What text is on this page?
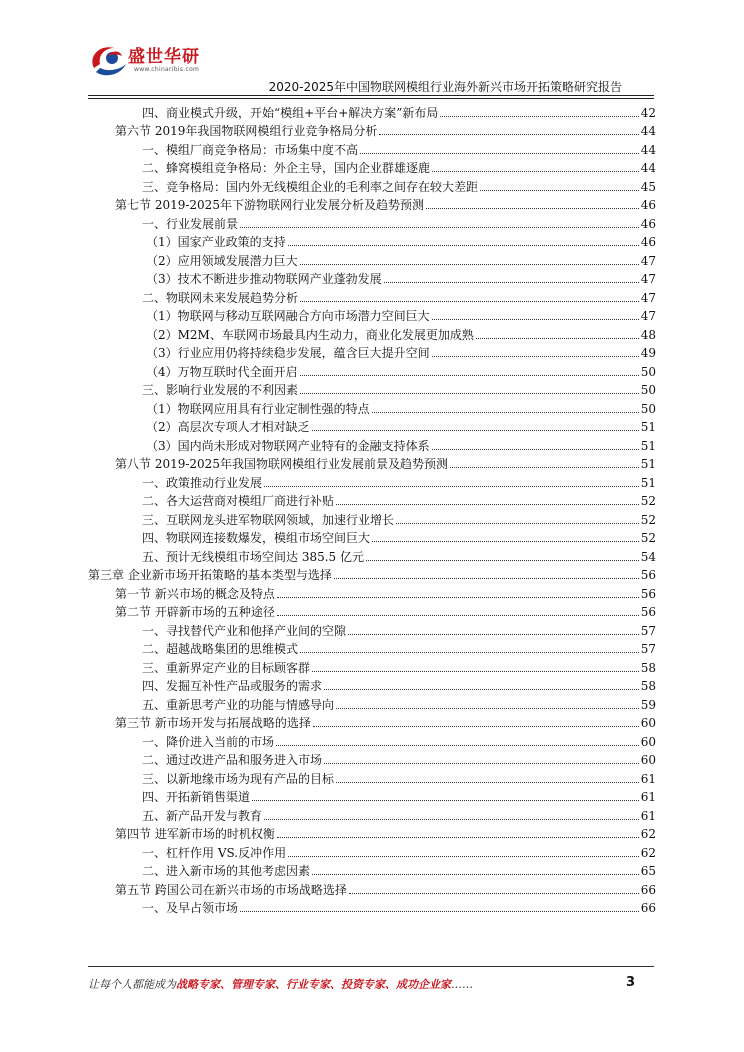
盛世华研
www.chinaribis.com
2020-2025年中国物联网模组行业海外新兴市场开拓策略研究报告
四、商业模式升级，开始“模组+平台+解决方案”新布局	42
第六节 2019年我国物联网模组行业竞争格局分析	44
一、模组厂商竞争格局：市场集中度不高	44
二、蜂窝模组竞争格局：外企主导，国内企业群雄逐鹿	44
三、竞争格局：国内外无线模组企业的毛利率之间存在较大差距	45
第七节 2019-2025年下游物联网行业发展分析及趋势预测	46
一、行业发展前景	46
（1）国家产业政策的支持	46
（2）应用领域发展潜力巨大	47
（3）技术不断进步推动物联网产业蓬勃发展	47
二、物联网未来发展趋势分析	47
（1）物联网与移动互联网融合方向市场潜力空间巨大	47
（2）M2M、车联网市场最具内生动力，商业化发展更加成熟	48
（3）行业应用仍将持续稳步发展，蕴含巨大提升空间	49
（4）万物互联时代全面开启	50
三、影响行业发展的不利因素	50
（1）物联网应用具有行业定制性强的特点	50
（2）高层次专项人才相对缺乏	51
（3）国内尚未形成对物联网产业特有的金融支持体系	51
第八节 2019-2025年我国物联网模组行业发展前景及趋势预测	51
一、政策推动行业发展	51
二、各大运营商对模组厂商进行补贴	52
三、互联网龙头进军物联网领域，加速行业增长	52
四、物联网连接数爆发，模组市场空间巨大	52
五、预计无线模组市场空间达 385.5 亿元	54
第三章 企业新市场开拓策略的基本类型与选择	56
第一节 新兴市场的概念及特点	56
第二节 开辟新市场的五种途径	56
一、寻找替代产业和他择产业间的空隙	57
二、超越战略集团的思维模式	57
三、重新界定产业的目标顾客群	58
四、发掘互补性产品或服务的需求	58
五、重新思考产业的功能与情感导向	59
第三节 新市场开发与拓展战略的选择	60
一、降价进入当前的市场	60
二、通过改进产品和服务进入市场	60
三、以新地缘市场为现有产品的目标	61
四、开拓新销售渠道	61
五、新产品开发与教育	61
第四节 进军新市场的时机权衡	62
一、杠杆作用 VS.反冲作用	62
二、进入新市场的其他考虑因素	65
第五节 跨国公司在新兴市场的市场战略选择	66
一、及早占领市场	66
让每个人都能成为战略专家、管理专家、行业专家、投资专家、成功企业家……	3
